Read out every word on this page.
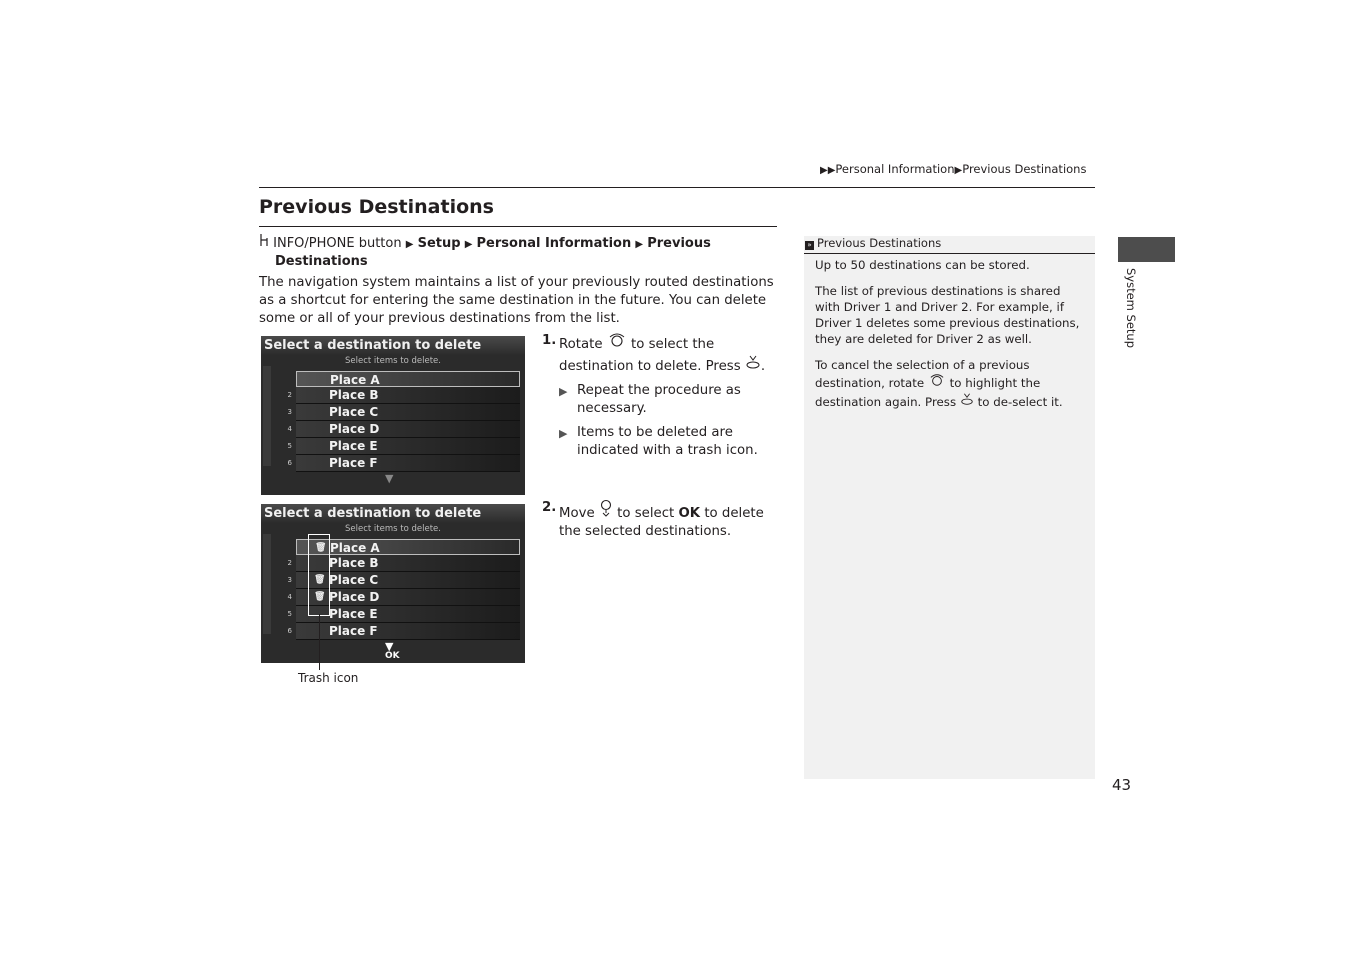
▶▶Personal Information▶Previous Destinations
Previous Destinations
INFO/PHONE button ▶ Setup ▶ Personal Information ▶ Previous
Destinations

The navigation system maintains a list of your previously routed destinations as a shortcut for entering the same destination in the future. You can delete some or all of your previous destinations from the list.

Select a destination to delete
Select items to delete.
Place A
2	Place B
3	Place C
4	Place D
5	Place E
6	Place F
▼
Select a destination to delete
Select items to delete.
🗑 Place A
2	Place B
3 🗑 Place C
4 🗑 Place D
5	Place E
6	Place F
▼
OK
Trash icon
1. Rotate to select the destination to delete. Press .
▶ Repeat the procedure as necessary.
▶ Items to be deleted are indicated with a trash icon.
2. Move to select OK to delete the selected destinations.
» Previous Destinations

Up to 50 destinations can be stored.

The list of previous destinations is shared with Driver 1 and Driver 2. For example, if Driver 1 deletes some previous destinations, they are deleted for Driver 2 as well.

To cancel the selection of a previous destination, rotate to highlight the destination again. Press to de-select it.

System Setup
43
